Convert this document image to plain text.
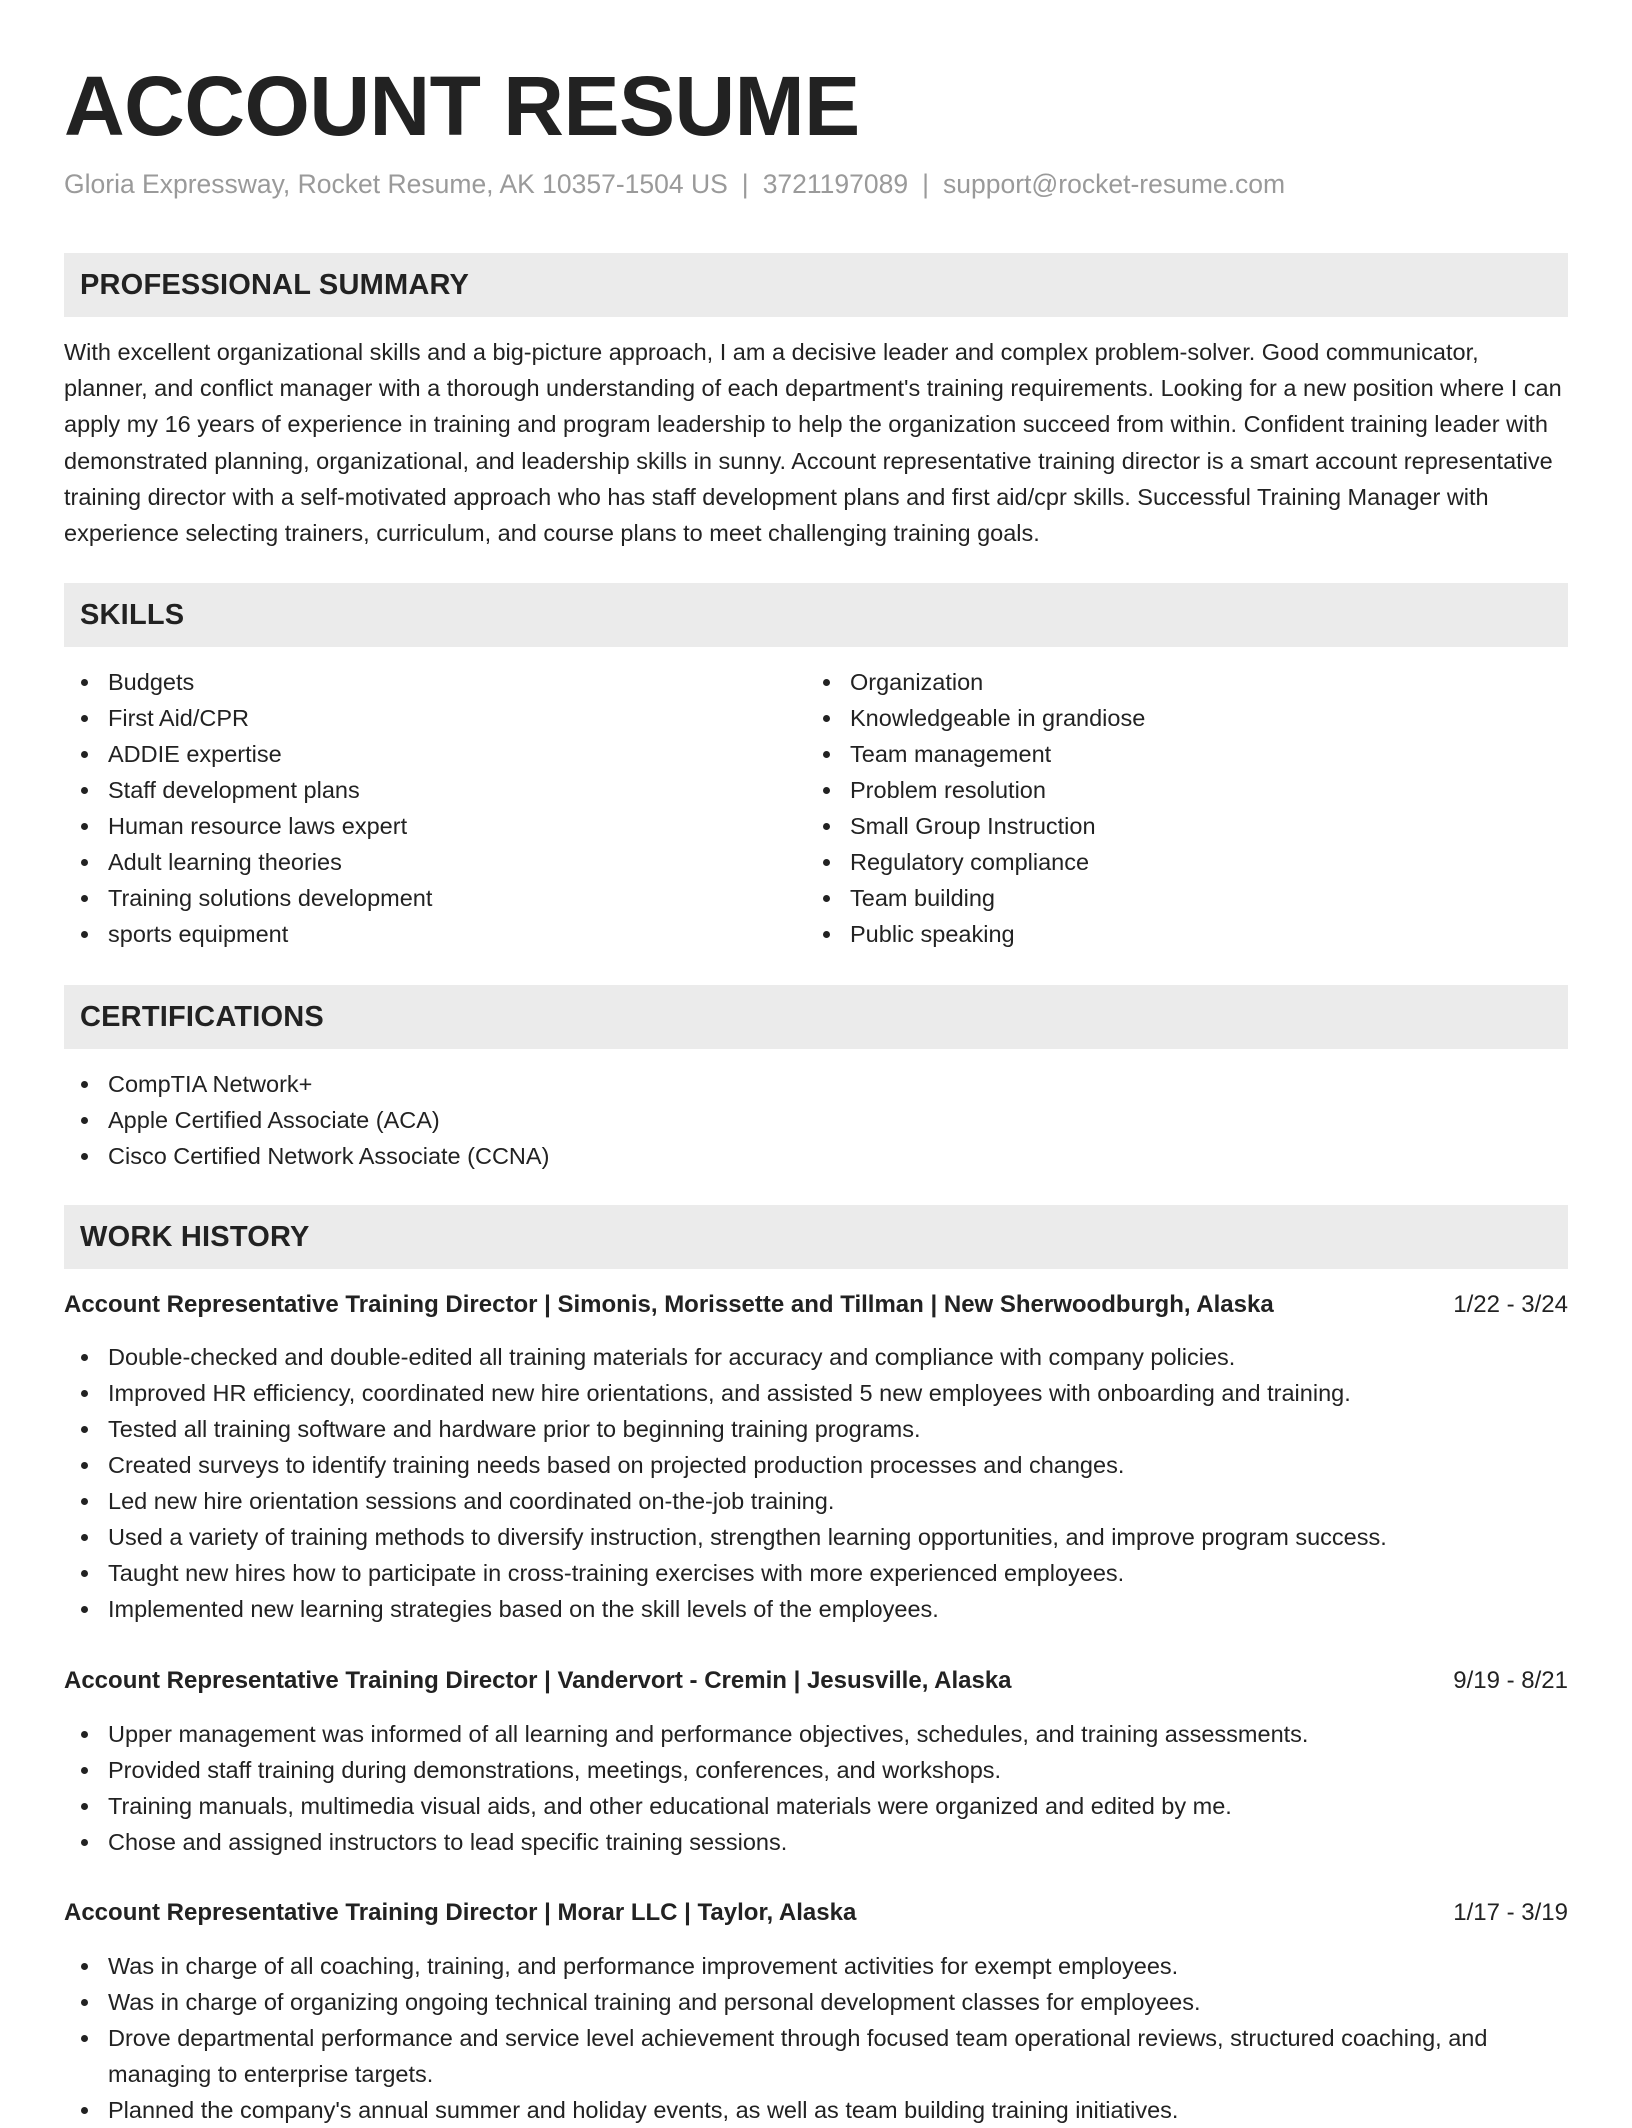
ACCOUNT RESUME
Gloria Expressway, Rocket Resume, AK 10357-1504 US | 3721197089 | support@rocket-resume.com
PROFESSIONAL SUMMARY

With excellent organizational skills and a big-picture approach, I am a decisive leader and complex problem-solver. Good communicator, planner, and conflict manager with a thorough understanding of each department's training requirements. Looking for a new position where I can apply my 16 years of experience in training and program leadership to help the organization succeed from within. Confident training leader with demonstrated planning, organizational, and leadership skills in sunny. Account representative training director is a smart account representative training director with a self-motivated approach who has staff development plans and first aid/cpr skills. Successful Training Manager with experience selecting trainers, curriculum, and course plans to meet challenging training goals.

SKILLS
Budgets
First Aid/CPR
ADDIE expertise
Staff development plans
Human resource laws expert
Adult learning theories
Training solutions development
sports equipment
Organization
Knowledgeable in grandiose
Team management
Problem resolution
Small Group Instruction
Regulatory compliance
Team building
Public speaking
CERTIFICATIONS
CompTIA Network+
Apple Certified Associate (ACA)
Cisco Certified Network Associate (CCNA)
WORK HISTORY
Account Representative Training Director | Simonis, Morissette and Tillman | New Sherwoodburgh, Alaska	1/22 - 3/24
Double-checked and double-edited all training materials for accuracy and compliance with company policies.
Improved HR efficiency, coordinated new hire orientations, and assisted 5 new employees with onboarding and training.
Tested all training software and hardware prior to beginning training programs.
Created surveys to identify training needs based on projected production processes and changes.
Led new hire orientation sessions and coordinated on-the-job training.
Used a variety of training methods to diversify instruction, strengthen learning opportunities, and improve program success.
Taught new hires how to participate in cross-training exercises with more experienced employees.
Implemented new learning strategies based on the skill levels of the employees.
Account Representative Training Director | Vandervort - Cremin | Jesusville, Alaska	9/19 - 8/21
Upper management was informed of all learning and performance objectives, schedules, and training assessments.
Provided staff training during demonstrations, meetings, conferences, and workshops.
Training manuals, multimedia visual aids, and other educational materials were organized and edited by me.
Chose and assigned instructors to lead specific training sessions.
Account Representative Training Director | Morar LLC | Taylor, Alaska	1/17 - 3/19
Was in charge of all coaching, training, and performance improvement activities for exempt employees.
Was in charge of organizing ongoing technical training and personal development classes for employees.
Drove departmental performance and service level achievement through focused team operational reviews, structured coaching, and managing to enterprise targets.
Planned the company's annual summer and holiday events, as well as team building training initiatives.
